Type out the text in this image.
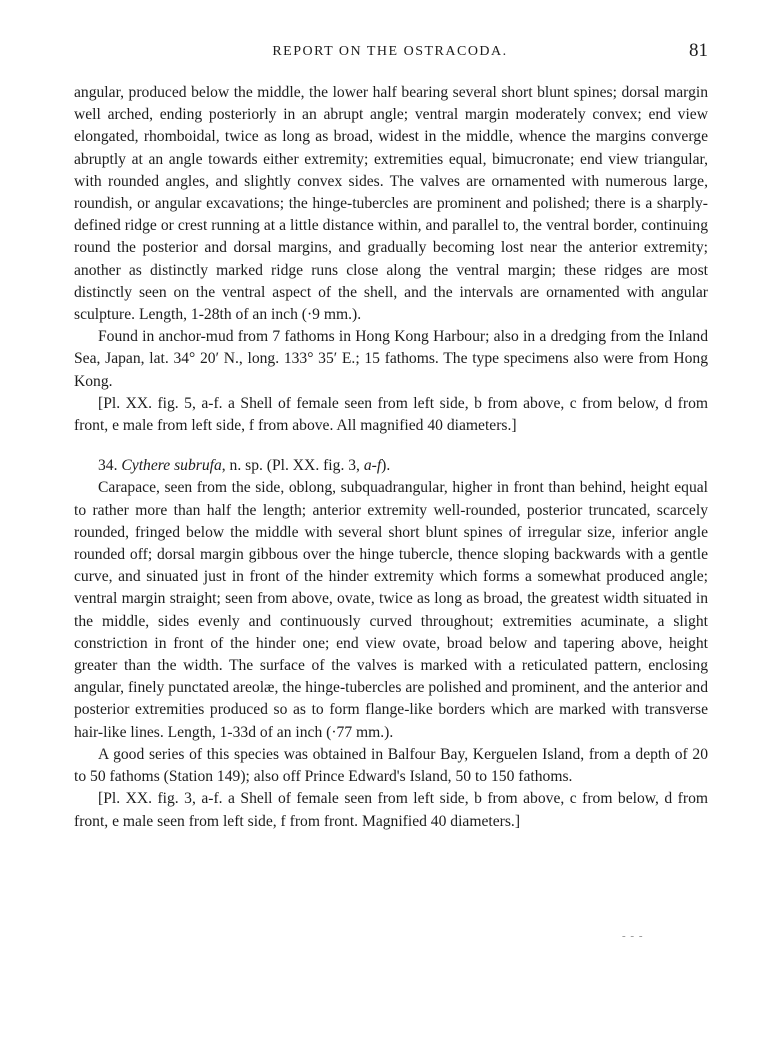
REPORT ON THE OSTRACODA.	81

angular, produced below the middle, the lower half bearing several short blunt spines; dorsal margin well arched, ending posteriorly in an abrupt angle; ventral margin moderately convex; end view elongated, rhomboidal, twice as long as broad, widest in the middle, whence the margins converge abruptly at an angle towards either extremity; extremities equal, bimucronate; end view triangular, with rounded angles, and slightly convex sides. The valves are ornamented with numerous large, roundish, or angular excavations; the hinge-tubercles are prominent and polished; there is a sharply-defined ridge or crest running at a little distance within, and parallel to, the ventral border, continuing round the posterior and dorsal margins, and gradually becoming lost near the anterior extremity; another as distinctly marked ridge runs close along the ventral margin; these ridges are most distinctly seen on the ventral aspect of the shell, and the intervals are ornamented with angular sculpture. Length, 1-28th of an inch (·9 mm.).

Found in anchor-mud from 7 fathoms in Hong Kong Harbour; also in a dredging from the Inland Sea, Japan, lat. 34° 20′ N., long. 133° 35′ E.; 15 fathoms. The type specimens also were from Hong Kong.

[Pl. XX. fig. 5, a-f. a Shell of female seen from left side, b from above, c from below, d from front, e male from left side, f from above. All magnified 40 diameters.]

34. Cythere subrufa, n. sp. (Pl. XX. fig. 3, a-f).

Carapace, seen from the side, oblong, subquadrangular, higher in front than behind, height equal to rather more than half the length; anterior extremity well-rounded, posterior truncated, scarcely rounded, fringed below the middle with several short blunt spines of irregular size, inferior angle rounded off; dorsal margin gibbous over the hinge tubercle, thence sloping backwards with a gentle curve, and sinuated just in front of the hinder extremity which forms a somewhat produced angle; ventral margin straight; seen from above, ovate, twice as long as broad, the greatest width situated in the middle, sides evenly and continuously curved throughout; extremities acuminate, a slight constriction in front of the hinder one; end view ovate, broad below and tapering above, height greater than the width. The surface of the valves is marked with a reticulated pattern, enclosing angular, finely punctated areolæ, the hinge-tubercles are polished and prominent, and the anterior and posterior extremities produced so as to form flange-like borders which are marked with transverse hair-like lines. Length, 1-33d of an inch (·77 mm.).

A good series of this species was obtained in Balfour Bay, Kerguelen Island, from a depth of 20 to 50 fathoms (Station 149); also off Prince Edward's Island, 50 to 150 fathoms.

[Pl. XX. fig. 3, a-f. a Shell of female seen from left side, b from above, c from below, d from front, e male seen from left side, f from front. Magnified 40 diameters.]

- - -
